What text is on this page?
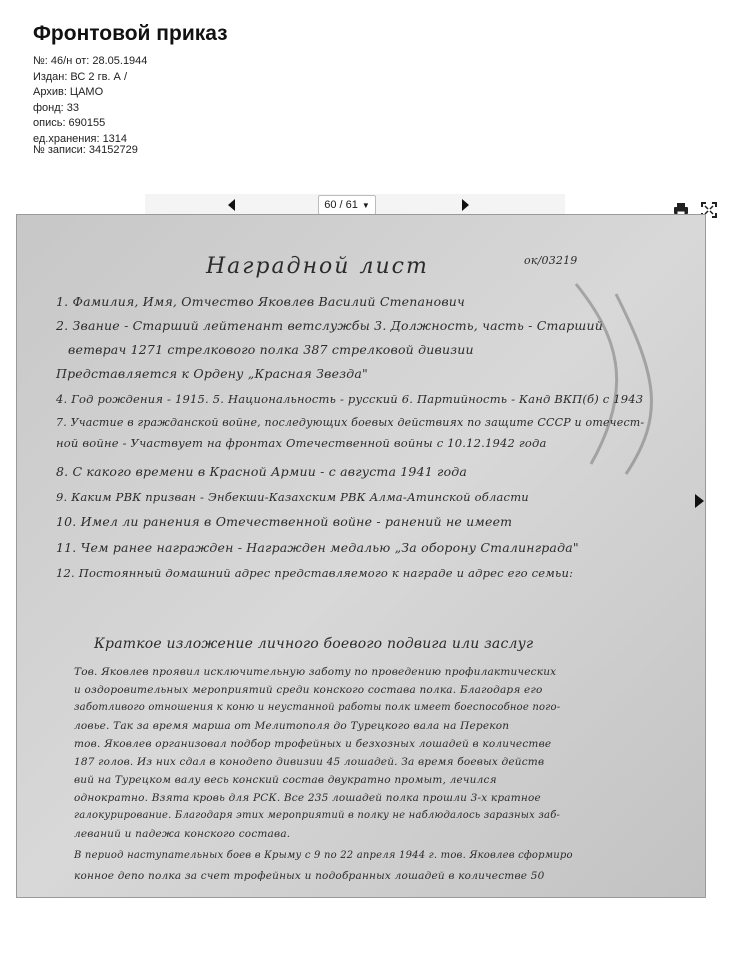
Фронтовой приказ
№: 46/н от: 28.05.1944
Издан: ВС 2 гв. А /
Архив: ЦАМО
фонд: 33
опись: 690155
ед.хранения: 1314
№ записи: 34152729
60 / 61 ▼
Наградной лист	ок/03219
1. Фамилия, Имя, Отчество Яковлев Василий Степанович
2. Звание - Старший лейтенант ветслужбы 3. Должность, часть - Старший
ветврач 1271 стрелкового полка 387 стрелковой дивизии
Представляется к Ордену „Красная Звезда"
4. Год рождения - 1915. 5. Национальность - русский 6. Партийность - Канд ВКП(б) с 1943
7. Участие в гражданской войне, последующих боевых действиях по защите СССР и отечест-
ной войне - Участвует на фронтах Отечественной войны с 10.12.1942 года
8. С какого времени в Красной Армии - с августа 1941 года
9. Каким РВК призван - Энбекши-Казахским РВК Алма-Атинской области
10. Имел ли ранения в Отечественной войне - ранений не имеет
11. Чем ранее награжден - Награжден медалью „За оборону Сталинграда"
12. Постоянный домашний адрес представляемого к награде и адрес его семьи:
Краткое изложение личного боевого подвига или заслуг
Тов. Яковлев проявил исключительную заботу по проведению профилактических
и оздоровительных мероприятий среди конского состава полка. Благодаря его
заботливого отношения к коню и неустанной работы полк имеет боеспособное пого-
ловье. Так за время марша от Мелитополя до Турецкого вала на Перекоп
тов. Яковлев организовал подбор трофейных и безхозных лошадей в количестве
187 голов. Из них сдал в конодепо дивизии 45 лошадей. За время боевых действ
вий на Турецком валу весь конский состав двукратно промыт, лечился
однократно. Взята кровь для РСК. Все 235 лошадей полка прошли 3-х кратное
галокурирование. Благодаря этих мероприятий в полку не наблюдалось заразных заб-
леваний и падежа конского состава.
В период наступательных боев в Крыму с 9 по 22 апреля 1944 г. тов. Яковлев сформиро
конное депо полка за счет трофейных и подобранных лошадей в количестве 50
